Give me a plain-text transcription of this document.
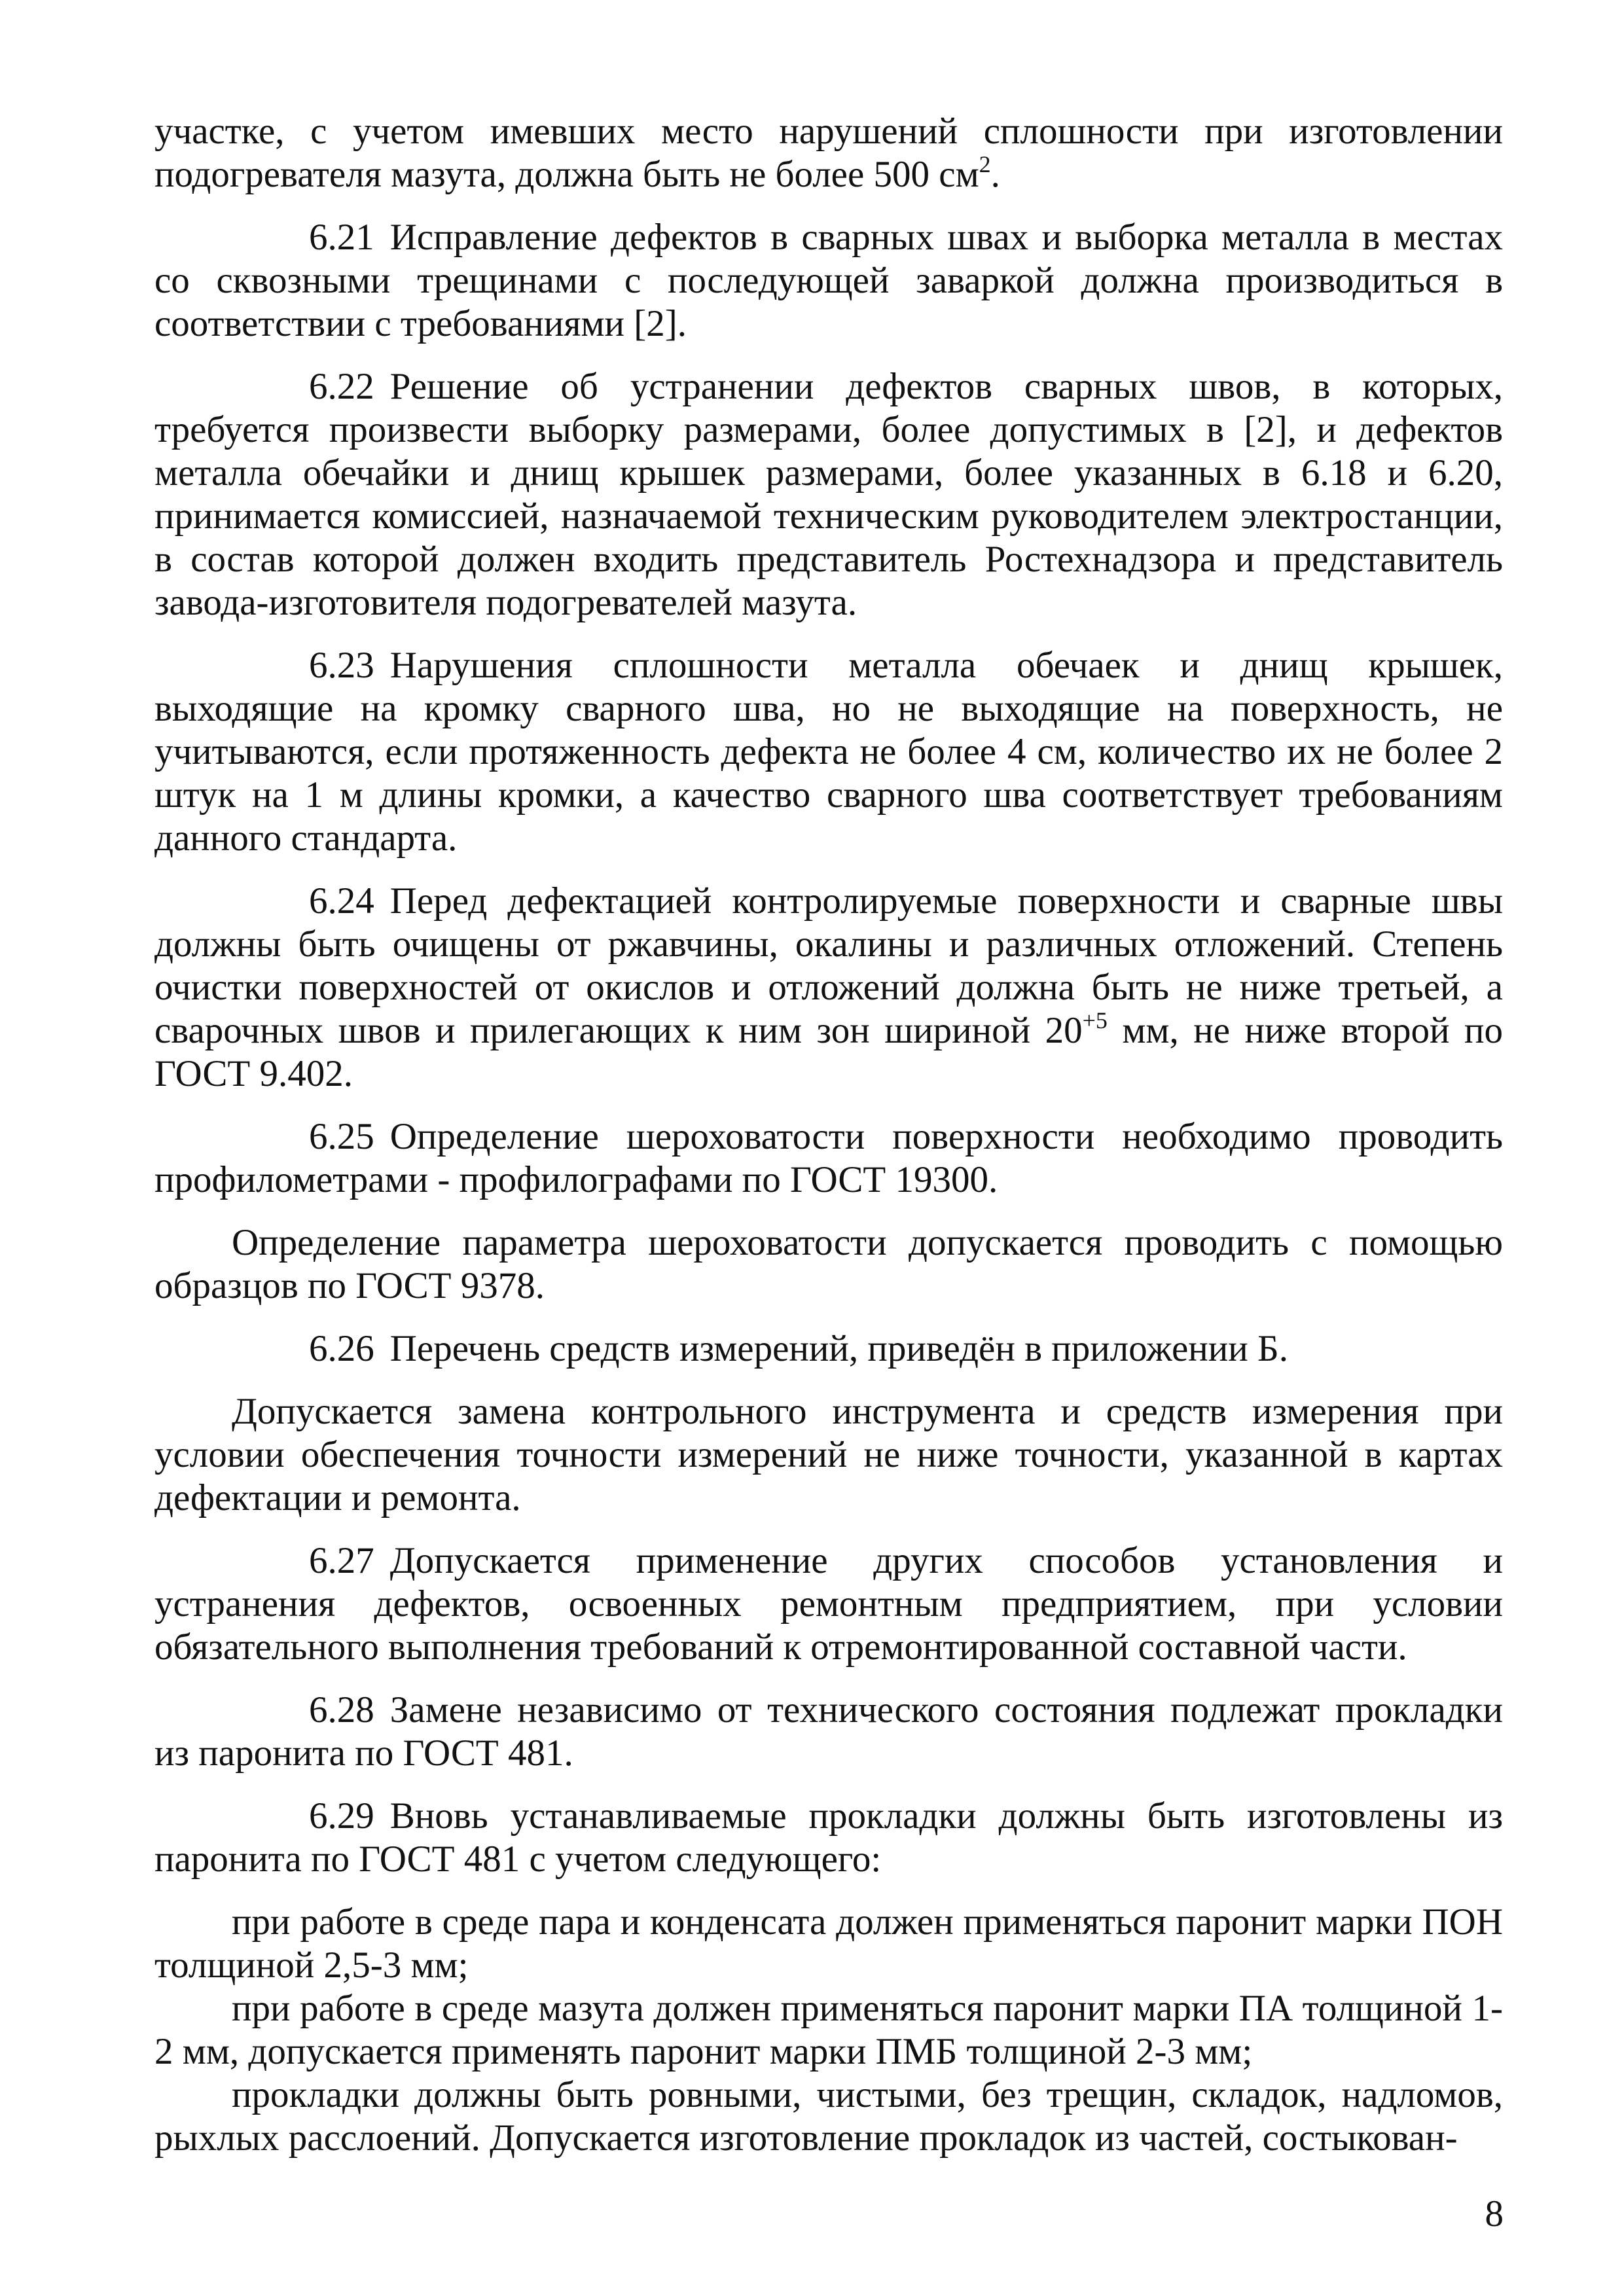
участке, с учетом имевших место нарушений сплошности при изготовлении подогревателя мазута, должна быть не более 500 $см^2$.

6.21 Исправление дефектов в сварных швах и выборка металла в местах со сквозными трещинами с последующей заваркой должна производиться в соответствии с требованиями [2].

6.22 Решение об устранении дефектов сварных швов, в которых, требуется произвести выборку размерами, более допустимых в [2], и дефектов металла обечайки и днищ крышек размерами, более указанных в 6.18 и 6.20, принимается комиссией, назначаемой техническим руководителем электростанции, в состав которой должен входить представитель Ростехнадзора и представитель завода-изготовителя подогревателей мазута.

6.23 Нарушения сплошности металла обечаек и днищ крышек, выходящие на кромку сварного шва, но не выходящие на поверхность, не учитываются, если протяженность дефекта не более 4 см, количество их не более 2 штук на 1 м длины кромки, а качество сварного шва соответствует требованиям данного стандарта.

6.24 Перед дефектацией контролируемые поверхности и сварные швы должны быть очищены от ржавчины, окалины и различных отложений. Степень очистки поверхностей от окислов и отложений должна быть не ниже третьей, а сварочных швов и прилегающих к ним зон шириной $20^{+5}$ мм, не ниже второй по ГОСТ 9.402.

6.25 Определение шероховатости поверхности необходимо проводить профилометрами - профилографами по ГОСТ 19300.

Определение параметра шероховатости допускается проводить с помощью образцов по ГОСТ 9378.

6.26 Перечень средств измерений, приведён в приложении Б.

Допускается замена контрольного инструмента и средств измерения при условии обеспечения точности измерений не ниже точности, указанной в картах дефектации и ремонта.

6.27 Допускается применение других способов установления и устранения дефектов, освоенных ремонтным предприятием, при условии обязательного выполнения требований к отремонтированной составной части.

6.28 Замене независимо от технического состояния подлежат прокладки из паронита по ГОСТ 481.

6.29 Вновь устанавливаемые прокладки должны быть изготовлены из паронита по ГОСТ 481 с учетом следующего:

при работе в среде пара и конденсата должен применяться паронит марки ПОН толщиной 2,5-3 мм;

при работе в среде мазута должен применяться паронит марки ПА толщиной 1-2 мм, допускается применять паронит марки ПМБ толщиной 2-3 мм;

прокладки должны быть ровными, чистыми, без трещин, складок, надломов, рыхлых расслоений. Допускается изготовление прокладок из частей, состыкован-

8
